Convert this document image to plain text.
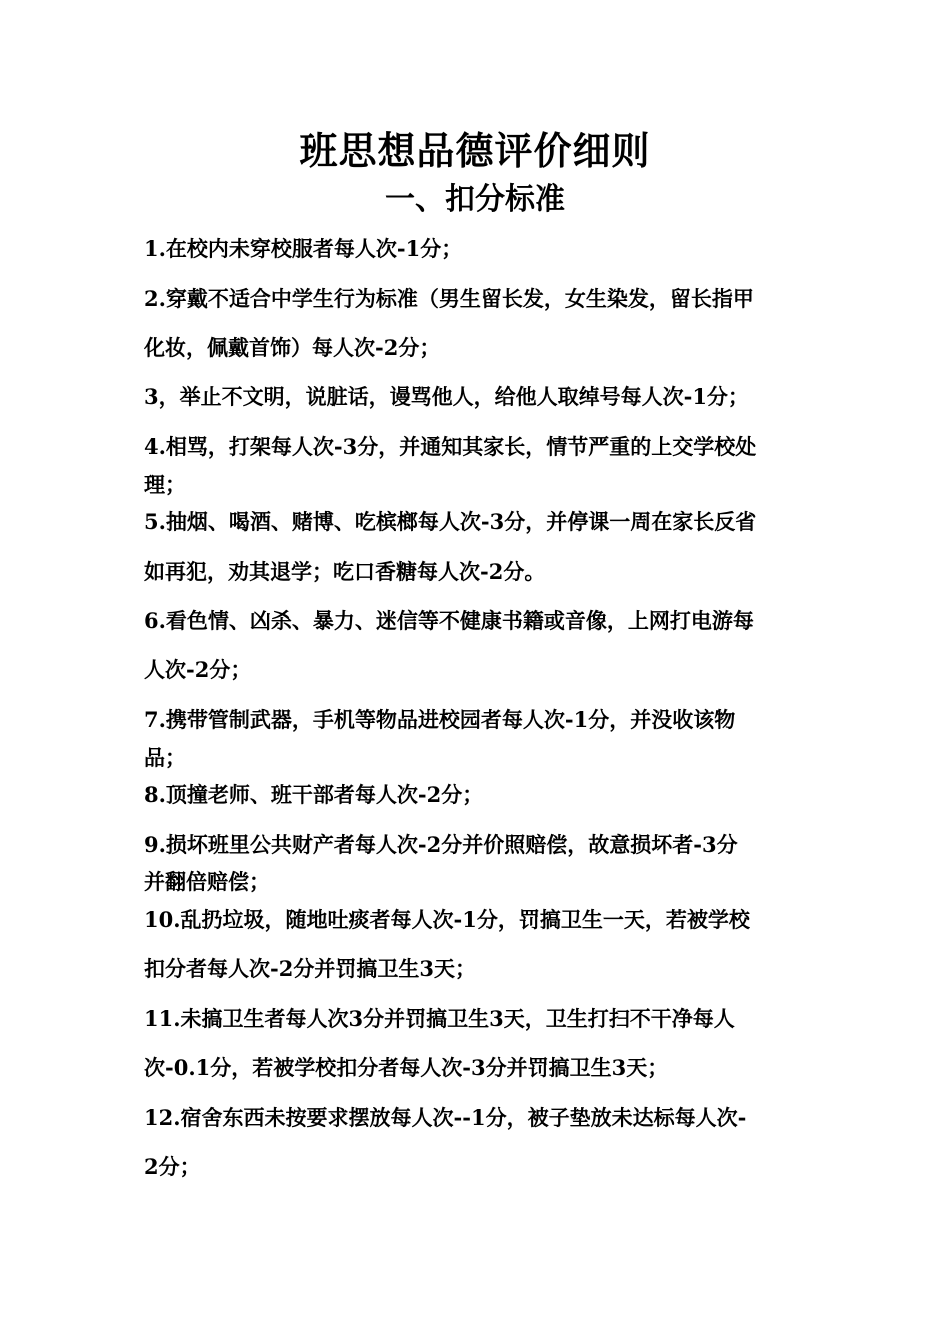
班思想品德评价细则
一、扣分标准
1.在校内未穿校服者每人次-1分；
2.穿戴不适合中学生行为标准（男生留长发，女生染发，留长指甲
化妆，佩戴首饰）每人次-2分；
3，举止不文明，说脏话，谩骂他人，给他人取绰号每人次-1分；
4.相骂，打架每人次-3分，并通知其家长，情节严重的上交学校处
理；
5.抽烟、喝酒、赌博、吃槟榔每人次-3分，并停课一周在家长反省
如再犯，劝其退学；吃口香糖每人次-2分。
6.看色情、凶杀、暴力、迷信等不健康书籍或音像，上网打电游每
人次-2分；
7.携带管制武器，手机等物品进校园者每人次-1分，并没收该物
品；
8.顶撞老师、班干部者每人次-2分；
9.损坏班里公共财产者每人次-2分并价照赔偿，故意损坏者-3分
并翻倍赔偿；
10.乱扔垃圾，随地吐痰者每人次-1分，罚搞卫生一天，若被学校
扣分者每人次-2分并罚搞卫生3天；
11.未搞卫生者每人次3分并罚搞卫生3天，卫生打扫不干净每人
次-0.1分，若被学校扣分者每人次-3分并罚搞卫生3天；
12.宿舍东西未按要求摆放每人次--1分，被子垫放未达标每人次-
2分；
